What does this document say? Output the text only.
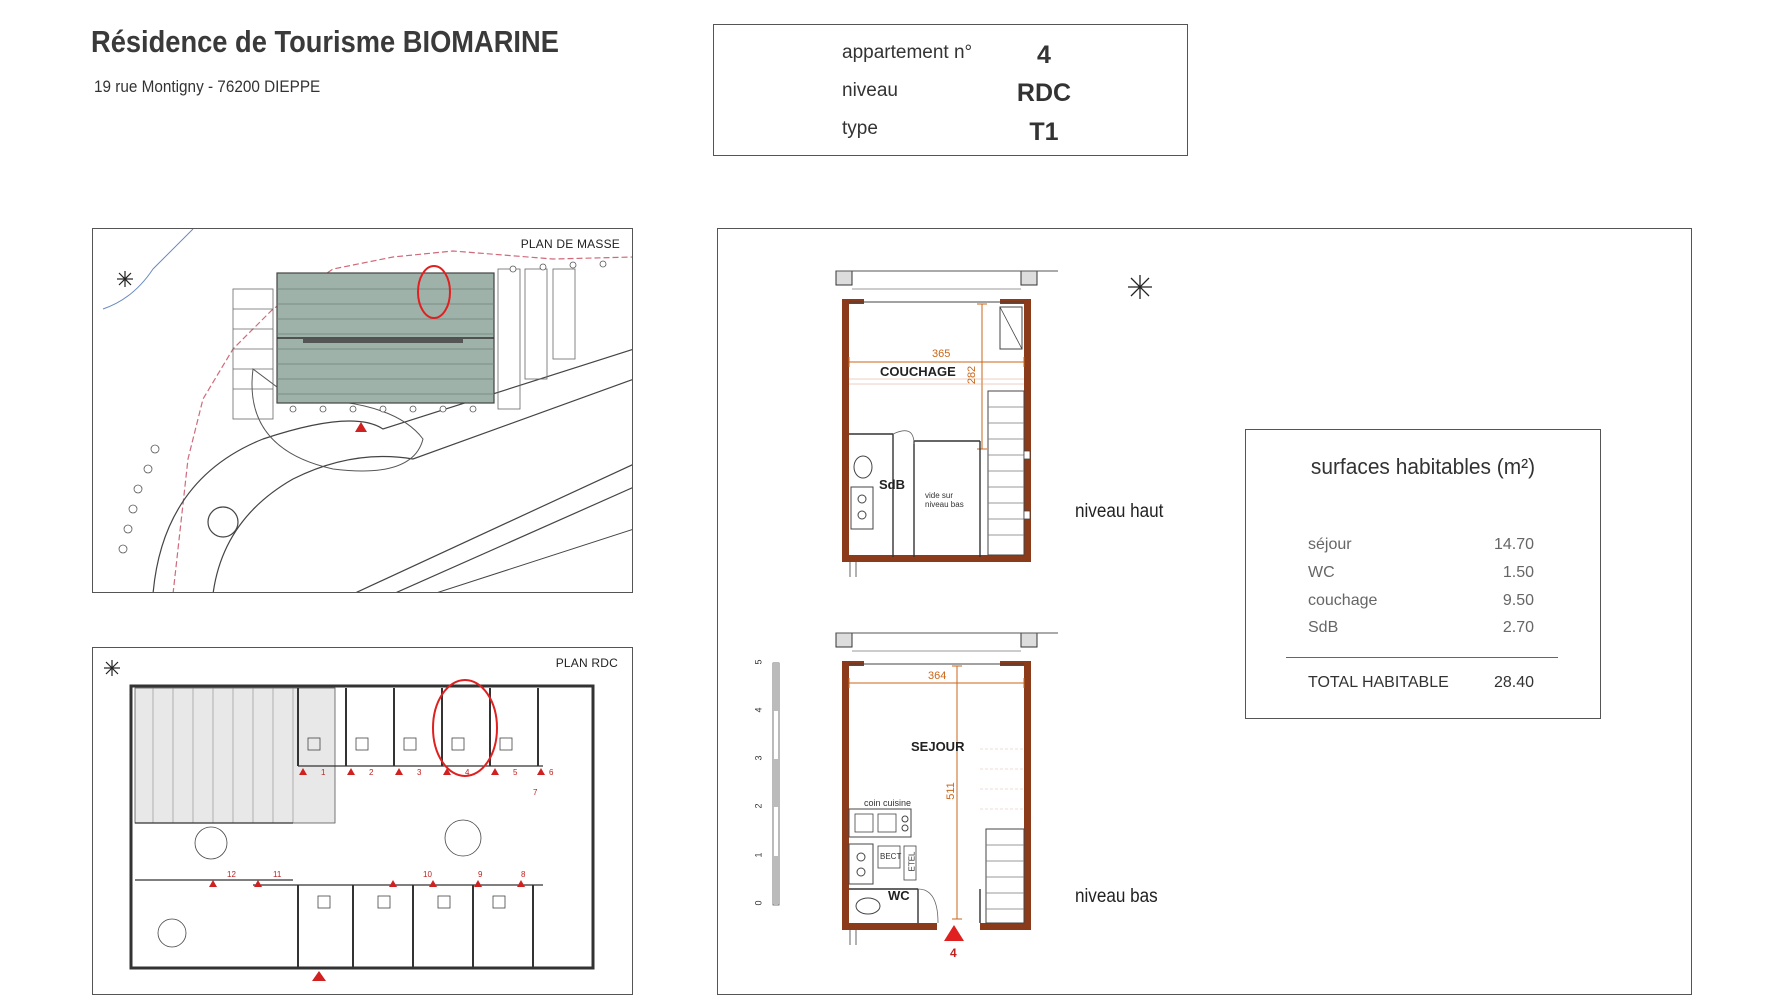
Résidence de Tourisme BIOMARINE
19 rue Montigny - 76200 DIEPPE
appartement n°	4
niveau	RDC
type	T1
PLAN DE MASSE
PLAN RDC
1	2	3	4	5	6
7
8
9
10
11
12
365
282
COUCHAGE
SdB
vide sur
niveau bas	niveau haut
364
511
SEJOUR
coin cuisine
BECT ETEL
WC
4
niveau bas
5
4
3
2
1
0
surfaces habitables (m²)
séjour	14.70
WC	1.50
couchage	9.50
SdB	2.70
TOTAL HABITABLE	28.40
